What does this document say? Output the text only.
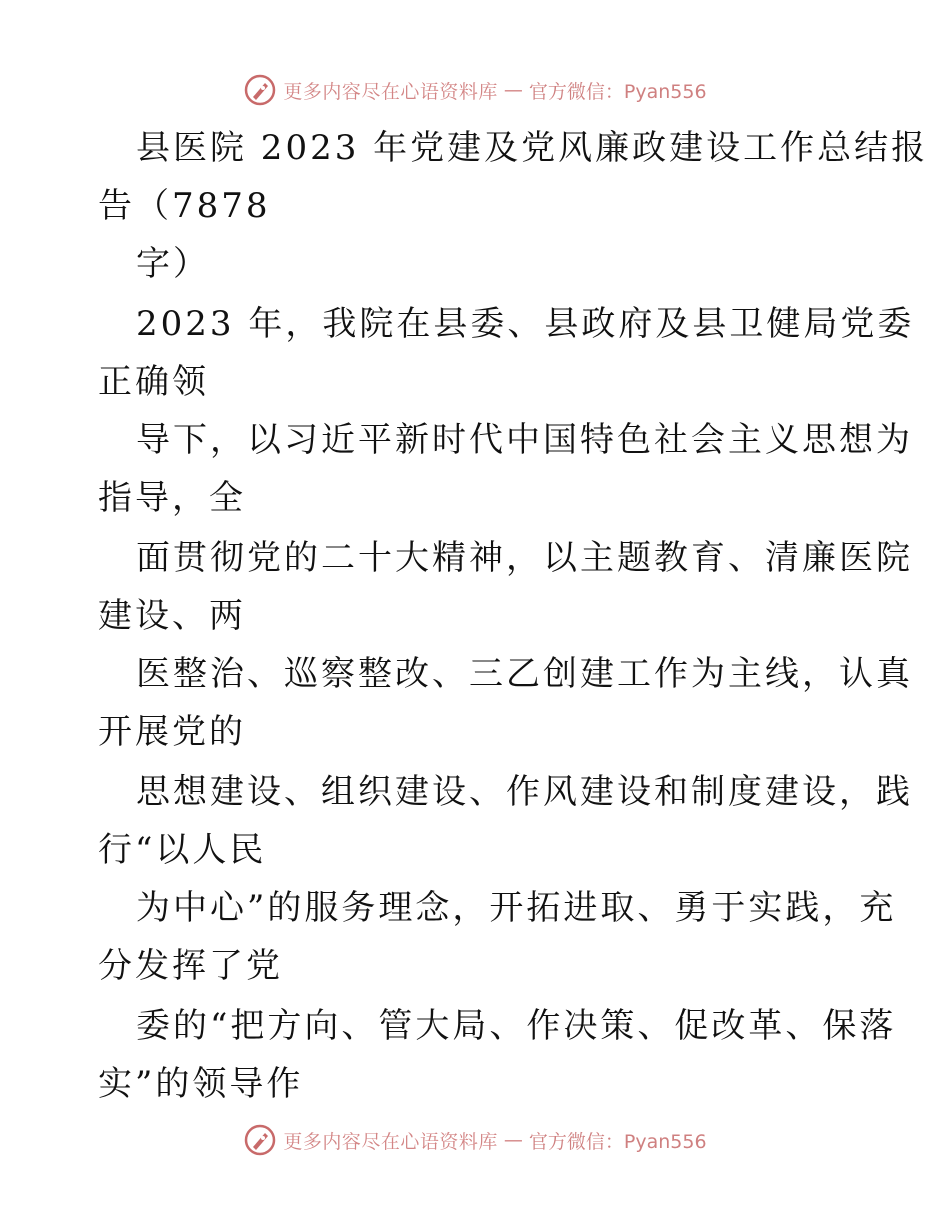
更多内容尽在心语资料库 — 官方微信：Pyan556
县医院 2023 年党建及党风廉政建设工作总结报
告（7878
字）
2023 年，我院在县委、县政府及县卫健局党委
正确领
导下，以习近平新时代中国特色社会主义思想为
指导，全
面贯彻党的二十大精神，以主题教育、清廉医院
建设、两
医整治、巡察整改、三乙创建工作为主线，认真
开展党的
思想建设、组织建设、作风建设和制度建设，践
行“以人民
为中心”的服务理念，开拓进取、勇于实践，充
分发挥了党
委的“把方向、管大局、作决策、促改革、保落
实”的领导作
更多内容尽在心语资料库 — 官方微信：Pyan556
